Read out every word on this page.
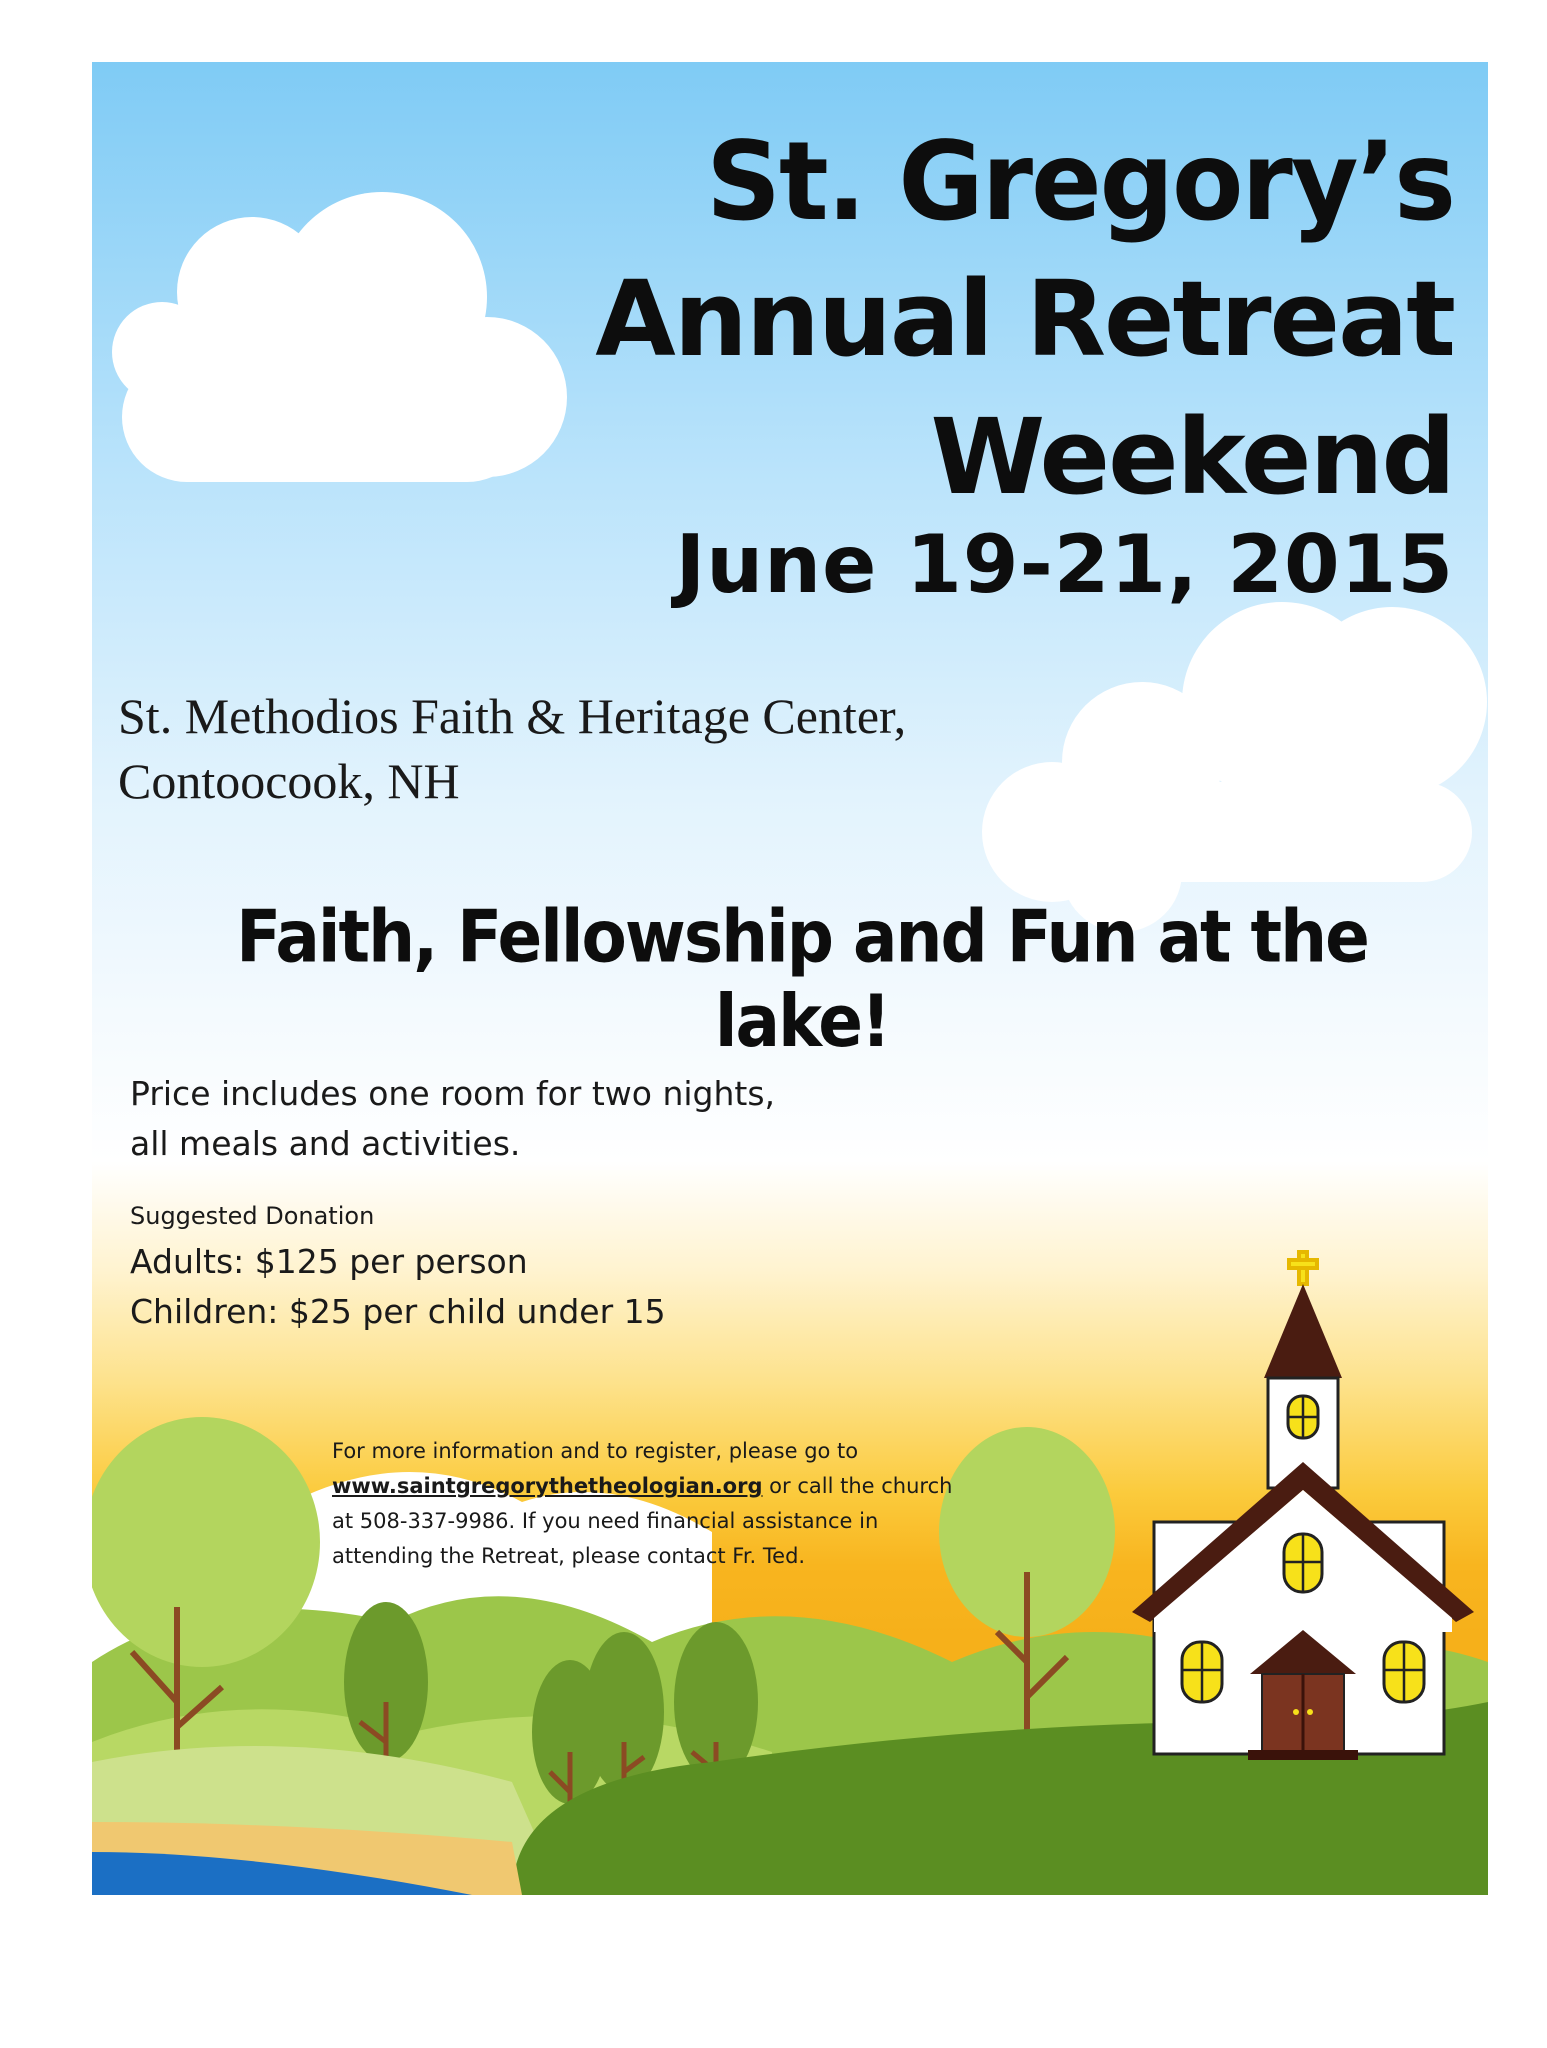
St. Gregory’s
Annual Retreat
Weekend
June 19-21, 2015

St. Methodios Faith & Heritage Center,

Contoocook, NH

Faith, Fellowship and Fun at the lake!

Price includes one room for two nights,

all meals and activities.

Suggested Donation

Adults: $125 per person

Children: $25 per child under 15

For more information and to register, please go to

www.saintgregorythetheologian.org or call the church

at 508-337-9986. If you need financial assistance in

attending the Retreat, please contact Fr. Ted.
